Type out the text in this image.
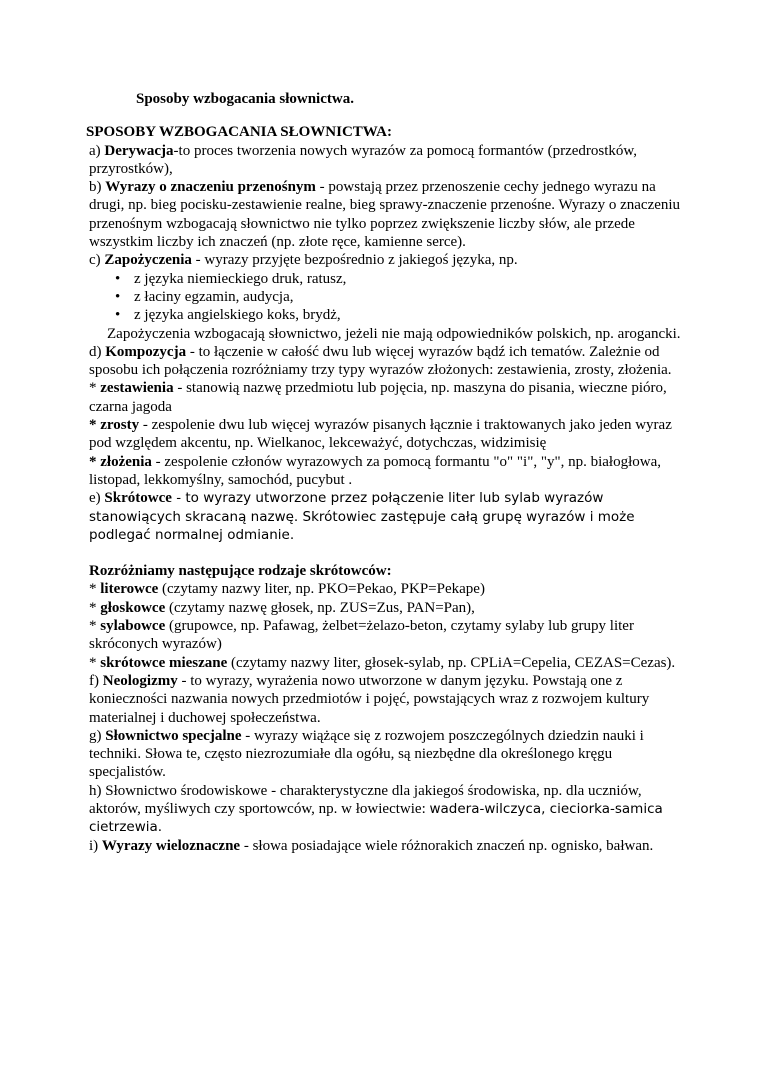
Sposoby wzbogacania słownictwa.

SPOSOBY WZBOGACANIA SŁOWNICTWA:

a) Derywacja-to proces tworzenia nowych wyrazów za pomocą formantów (przedrostków, przyrostków),

b) Wyrazy o znaczeniu przenośnym - powstają przez przenoszenie cechy jednego wyrazu na drugi, np. bieg pocisku-zestawienie realne, bieg sprawy-znaczenie przenośne. Wyrazy o znaczeniu przenośnym wzbogacają słownictwo nie tylko poprzez zwiększenie liczby słów, ale przede wszystkim liczby ich znaczeń (np. złote ręce, kamienne serce).

c) Zapożyczenia - wyrazy przyjęte bezpośrednio z jakiegoś języka, np.

• z języka niemieckiego druk, ratusz,
• z łaciny egzamin, audycja,
• z języka angielskiego koks, brydż,

Zapożyczenia wzbogacają słownictwo, jeżeli nie mają odpowiedników polskich, np. arogancki.

d) Kompozycja - to łączenie w całość dwu lub więcej wyrazów bądź ich tematów. Zależnie od sposobu ich połączenia rozróżniamy trzy typy wyrazów złożonych: zestawienia, zrosty, złożenia.

* zestawienia - stanowią nazwę przedmiotu lub pojęcia, np. maszyna do pisania, wieczne pióro,

czarna jagoda

* zrosty - zespolenie dwu lub więcej wyrazów pisanych łącznie i traktowanych jako jeden wyraz pod względem akcentu, np. Wielkanoc, lekceważyć, dotychczas, widzimisię

* złożenia - zespolenie członów wyrazowych za pomocą formantu "o" "i", "y", np. białogłowa, listopad, lekkomyślny, samochód, pucybut .

e) Skrótowce - to wyrazy utworzone przez połączenie liter lub sylab wyrazów stanowiących skracaną nazwę. Skrótowiec zastępuje całą grupę wyrazów i może podlegać normalnej odmianie.

Rozróżniamy następujące rodzaje skrótowców:

* literowce (czytamy nazwy liter, np. PKO=Pekao, PKP=Pekape)

* głoskowce (czytamy nazwę głosek, np. ZUS=Zus, PAN=Pan),

* sylabowce (grupowce, np. Pafawag, żelbet=żelazo-beton, czytamy sylaby lub grupy liter skróconych wyrazów)

* skrótowce mieszane (czytamy nazwy liter, głosek-sylab, np. CPLiA=Cepelia, CEZAS=Cezas).

f) Neologizmy - to wyrazy, wyrażenia nowo utworzone w danym języku. Powstają one z konieczności nazwania nowych przedmiotów i pojęć, powstających wraz z rozwojem kultury materialnej i duchowej społeczeństwa.

g) Słownictwo specjalne - wyrazy wiążące się z rozwojem poszczególnych dziedzin nauki i techniki. Słowa te, często niezrozumiałe dla ogółu, są niezbędne dla określonego kręgu specjalistów.

h) Słownictwo środowiskowe - charakterystyczne dla jakiegoś środowiska, np. dla uczniów, aktorów, myśliwych czy sportowców, np. w łowiectwie: wadera-wilczyca, cieciorka-samica cietrzewia.

i) Wyrazy wieloznaczne - słowa posiadające wiele różnorakich znaczeń np. ognisko, bałwan.
